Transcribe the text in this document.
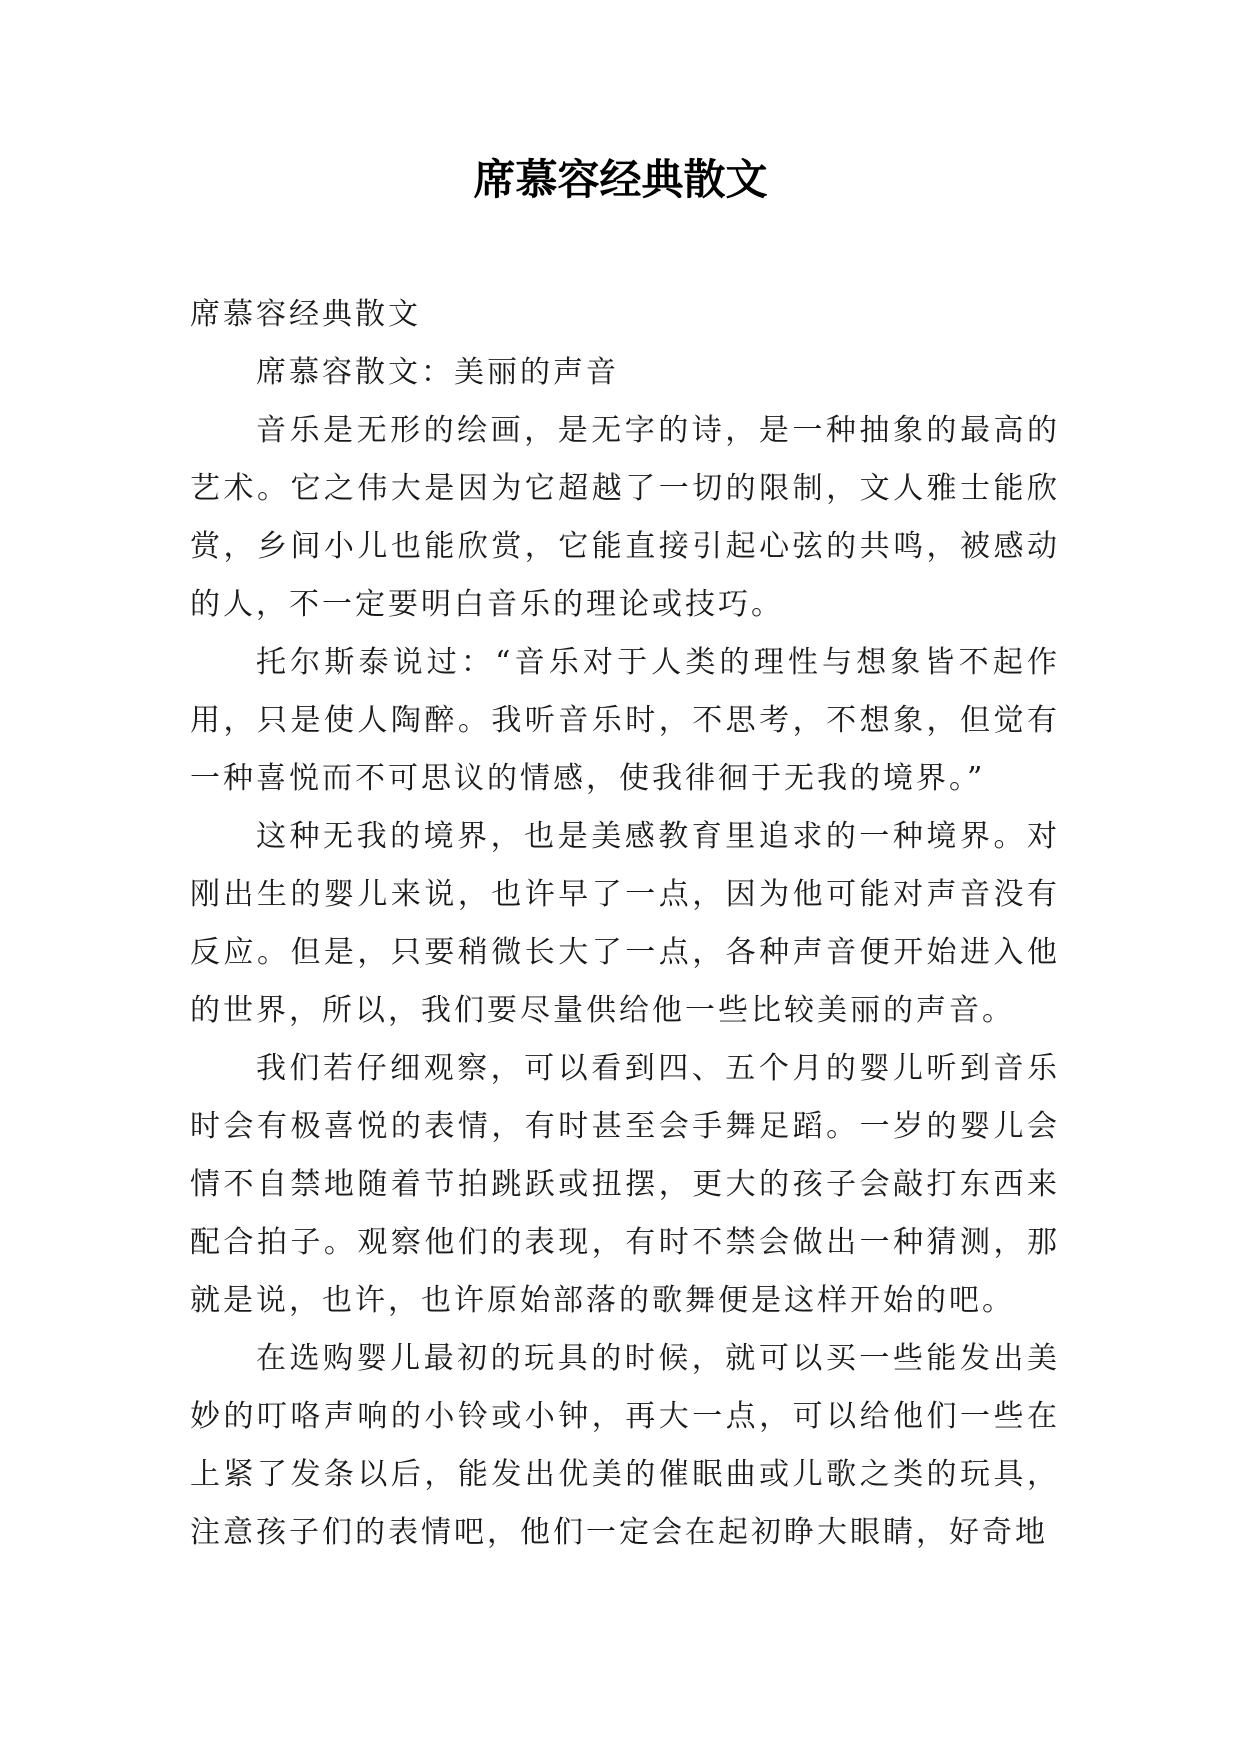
席慕容经典散文

席慕容经典散文

席慕容散文：美丽的声音

音乐是无形的绘画，是无字的诗，是一种抽象的最高的艺术。它之伟大是因为它超越了一切的限制，文人雅士能欣赏，乡间小儿也能欣赏，它能直接引起心弦的共鸣，被感动的人，不一定要明白音乐的理论或技巧。

托尔斯泰说过：“音乐对于人类的理性与想象皆不起作用，只是使人陶醉。我听音乐时，不思考，不想象，但觉有一种喜悦而不可思议的情感，使我徘徊于无我的境界。”

这种无我的境界，也是美感教育里追求的一种境界。对刚出生的婴儿来说，也许早了一点，因为他可能对声音没有反应。但是，只要稍微长大了一点，各种声音便开始进入他的世界，所以，我们要尽量供给他一些比较美丽的声音。

我们若仔细观察，可以看到四、五个月的婴儿听到音乐时会有极喜悦的表情，有时甚至会手舞足蹈。一岁的婴儿会情不自禁地随着节拍跳跃或扭摆，更大的孩子会敲打东西来配合拍子。观察他们的表现，有时不禁会做出一种猜测，那就是说，也许，也许原始部落的歌舞便是这样开始的吧。

在选购婴儿最初的玩具的时候，就可以买一些能发出美妙的叮咯声响的小铃或小钟，再大一点，可以给他们一些在上紧了发条以后，能发出优美的催眠曲或儿歌之类的玩具，注意孩子们的表情吧，他们一定会在起初睁大眼睛，好奇地
